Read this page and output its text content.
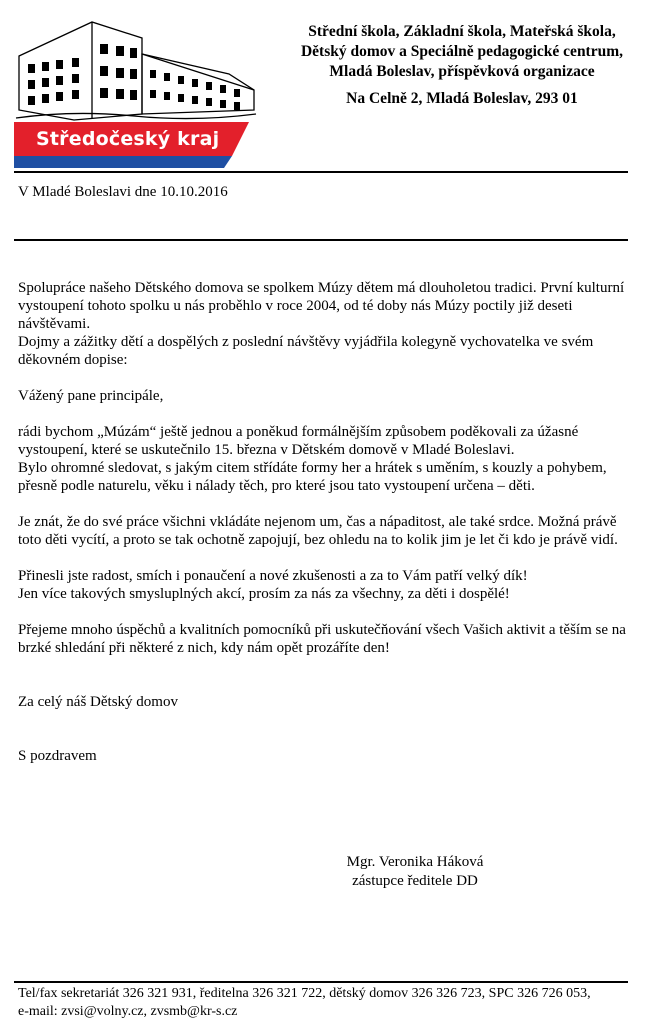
Středočeský kraj
Střední škola, Základní škola, Mateřská škola,
Dětský domov a Speciálně pedagogické centrum,
Mladá Boleslav, příspěvková organizace
Na Celně 2, Mladá Boleslav, 293 01
V Mladé Boleslavi dne 10.10.2016

Spolupráce našeho Dětského domova se spolkem Múzy dětem má dlouholetou tradici. První kulturní vystoupení tohoto spolku u nás proběhlo v roce 2004, od té doby nás Múzy poctily již deseti návštěvami.

Dojmy a zážitky dětí a dospělých z poslední návštěvy vyjádřila kolegyně vychovatelka ve svém děkovném dopise:

Vážený pane principále,

rádi bychom „Múzám“ ještě jednou a poněkud formálnějším způsobem poděkovali za úžasné vystoupení, které se uskutečnilo 15. března v Dětském domově v Mladé Boleslavi.

Bylo ohromné sledovat, s jakým citem střídáte formy her a hrátek s uměním, s kouzly a pohybem, přesně podle naturelu, věku i nálady těch, pro které jsou tato vystoupení určena – děti.

Je znát, že do své práce všichni vkládáte nejenom um, čas a nápaditost, ale také srdce. Možná právě toto děti vycítí, a proto se tak ochotně zapojují, bez ohledu na to kolik jim je let či kdo je právě vidí.

Přinesli jste radost, smích i ponaučení a nové zkušenosti a za to Vám patří velký dík!

Jen více takových smysluplných akcí, prosím za nás za všechny, za děti i dospělé!

Přejeme mnoho úspěchů a kvalitních pomocníků při uskutečňování všech Vašich aktivit a těším se na brzké shledání při některé z nich, kdy nám opět prozáříte den!

Za celý náš Dětský domov

S pozdravem

Mgr. Veronika Háková
zástupce ředitele DD
Tel/fax sekretariát 326 321 931, ředitelna 326 321 722, dětský domov 326 326 723, SPC 326 726 053,
e-mail: zvsi@volny.cz, zvsmb@kr-s.cz
